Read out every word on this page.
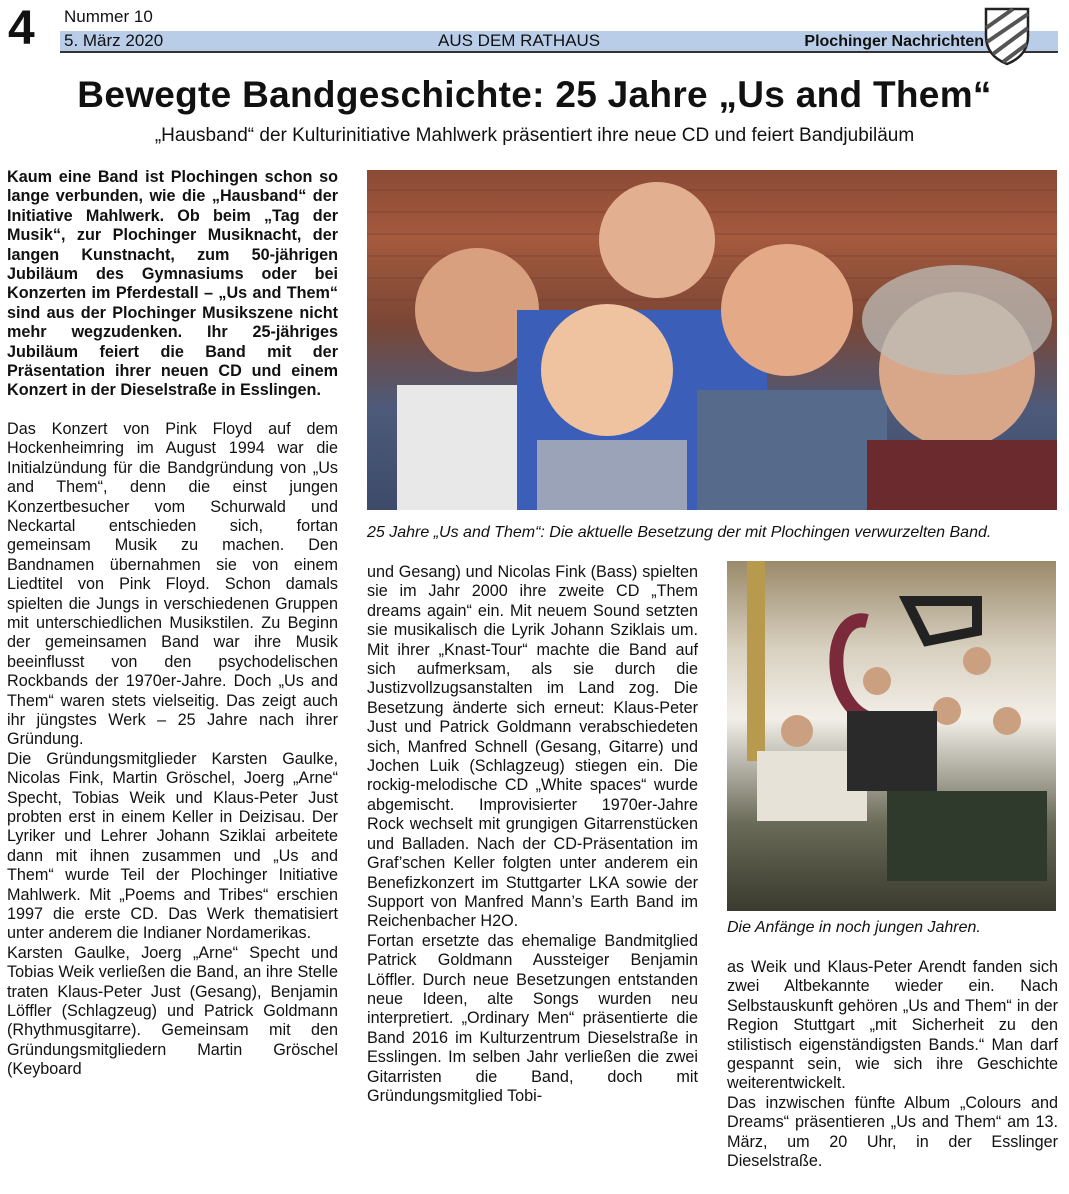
4 Nummer 10
5. März 2020	AUS DEM RATHAUS	Plochinger Nachrichten
Bewegte Bandgeschichte: 25 Jahre „Us and Them“
„Hausband“ der Kulturinitiative Mahlwerk präsentiert ihre neue CD und feiert Bandjubiläum

Kaum eine Band ist Plochingen schon so lange verbunden, wie die „Hausband“ der Initiative Mahlwerk. Ob beim „Tag der Musik“, zur Plochinger Musiknacht, der langen Kunstnacht, zum 50-jährigen Jubiläum des Gymnasiums oder bei Konzerten im Pferdestall – „Us and Them“ sind aus der Plochinger Musikszene nicht mehr wegzudenken. Ihr 25-jähriges Jubiläum feiert die Band mit der Präsentation ihrer neuen CD und einem Konzert in der Dieselstraße in Esslingen.

Das Konzert von Pink Floyd auf dem Hockenheimring im August 1994 war die Initialzündung für die Bandgründung von „Us and Them“, denn die einst jungen Konzertbesucher vom Schurwald und Neckartal entschieden sich, fortan gemeinsam Musik zu machen. Den Bandnamen übernahmen sie von einem Liedtitel von Pink Floyd. Schon damals spielten die Jungs in verschiedenen Gruppen mit unterschiedlichen Musikstilen. Zu Beginn der gemeinsamen Band war ihre Musik beeinflusst von den psychodelischen Rockbands der 1970er-Jahre. Doch „Us and Them“ waren stets vielseitig. Das zeigt auch ihr jüngstes Werk – 25 Jahre nach ihrer Gründung.

Die Gründungsmitglieder Karsten Gaulke, Nicolas Fink, Martin Gröschel, Joerg „Arne“ Specht, Tobias Weik und Klaus-Peter Just probten erst in einem Keller in Deizisau. Der Lyriker und Lehrer Johann Sziklai arbeitete dann mit ihnen zusammen und „Us and Them“ wurde Teil der Plochinger Initiative Mahlwerk. Mit „Poems and Tribes“ erschien 1997 die erste CD. Das Werk thematisiert unter anderem die Indianer Nordamerikas.

Karsten Gaulke, Joerg „Arne“ Specht und Tobias Weik verließen die Band, an ihre Stelle traten Klaus-Peter Just (Gesang), Benjamin Löffler (Schlagzeug) und Patrick Goldmann (Rhythmusgitarre). Gemeinsam mit den Gründungsmitgliedern Martin Gröschel (Keyboard

25 Jahre „Us and Them“: Die aktuelle Besetzung der mit Plochingen verwurzelten Band.

und Gesang) und Nicolas Fink (Bass) spielten sie im Jahr 2000 ihre zweite CD „Them dreams again“ ein. Mit neuem Sound setzten sie musikalisch die Lyrik Johann Sziklais um. Mit ihrer „Knast-Tour“ machte die Band auf sich aufmerksam, als sie durch die Justizvollzugsanstalten im Land zog. Die Besetzung änderte sich erneut: Klaus-Peter Just und Patrick Goldmann verabschiedeten sich, Manfred Schnell (Gesang, Gitarre) und Jochen Luik (Schlagzeug) stiegen ein. Die rockig-melodische CD „White spaces“ wurde abgemischt. Improvisierter 1970er-Jahre Rock wechselt mit grungigen Gitarrenstücken und Balladen. Nach der CD-Präsentation im Graf’schen Keller folgten unter anderem ein Benefizkonzert im Stuttgarter LKA sowie der Support von Manfred Mann’s Earth Band im Reichenbacher H2O.

Fortan ersetzte das ehemalige Bandmitglied Patrick Goldmann Aussteiger Benjamin Löffler. Durch neue Besetzungen entstanden neue Ideen, alte Songs wurden neu interpretiert. „Ordinary Men“ präsentierte die Band 2016 im Kulturzentrum Dieselstraße in Esslingen. Im selben Jahr verließen die zwei Gitarristen die Band, doch mit Gründungsmitglied Tobi-

Die Anfänge in noch jungen Jahren.

as Weik und Klaus-Peter Arendt fanden sich zwei Altbekannte wieder ein. Nach Selbstauskunft gehören „Us and Them“ in der Region Stuttgart „mit Sicherheit zu den stilistisch eigenständigsten Bands.“ Man darf gespannt sein, wie sich ihre Geschichte weiterentwickelt.

Das inzwischen fünfte Album „Colours and Dreams“ präsentieren „Us and Them“ am 13. März, um 20 Uhr, in der Esslinger Dieselstraße.
